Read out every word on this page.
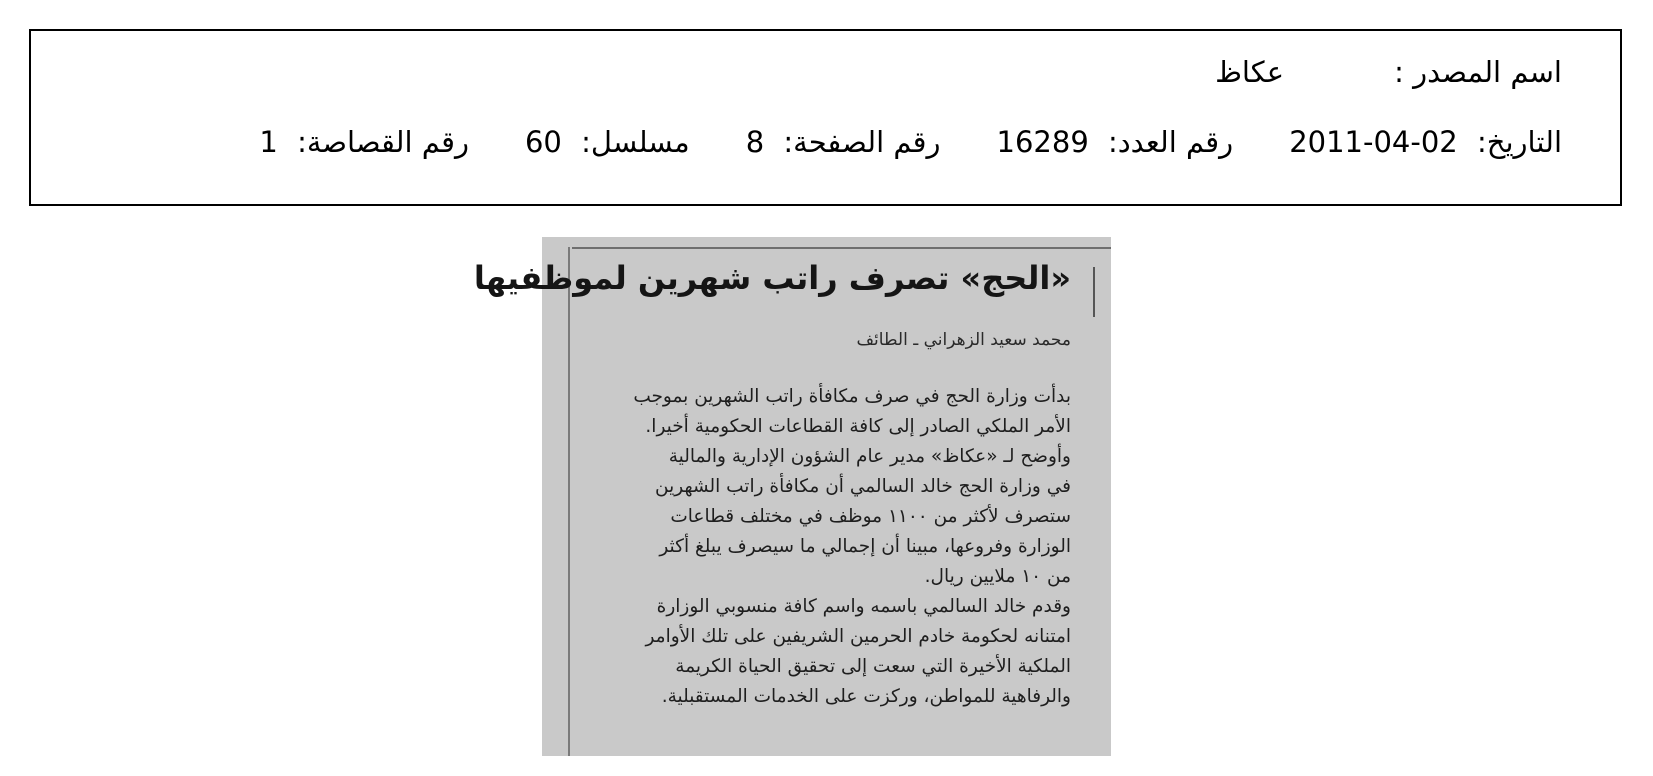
اسم المصدر :
عكاظ
التاريخ: 2011-04-02
رقم العدد: 16289
رقم الصفحة: 8
مسلسل: 60
رقم القصاصة: 1
«الحج» تصرف راتب شهرين لموظفيها
محمد سعيد الزهراني ـ الطائف
بدأت وزارة الحج في صرف مكافأة راتب الشهرين بموجب
الأمر الملكي الصادر إلى كافة القطاعات الحكومية أخيرا.
وأوضح لـ «عكاظ» مدير عام الشؤون الإدارية والمالية
في وزارة الحج خالد السالمي أن مكافأة راتب الشهرين
ستصرف لأكثر من ١١٠٠ موظف في مختلف قطاعات
الوزارة وفروعها، مبينا أن إجمالي ما سيصرف يبلغ أكثر
من ١٠ ملايين ريال.
وقدم خالد السالمي باسمه واسم كافة منسوبي الوزارة
امتنانه لحكومة خادم الحرمين الشريفين على تلك الأوامر
الملكية الأخيرة التي سعت إلى تحقيق الحياة الكريمة
والرفاهية للمواطن، وركزت على الخدمات المستقبلية.
